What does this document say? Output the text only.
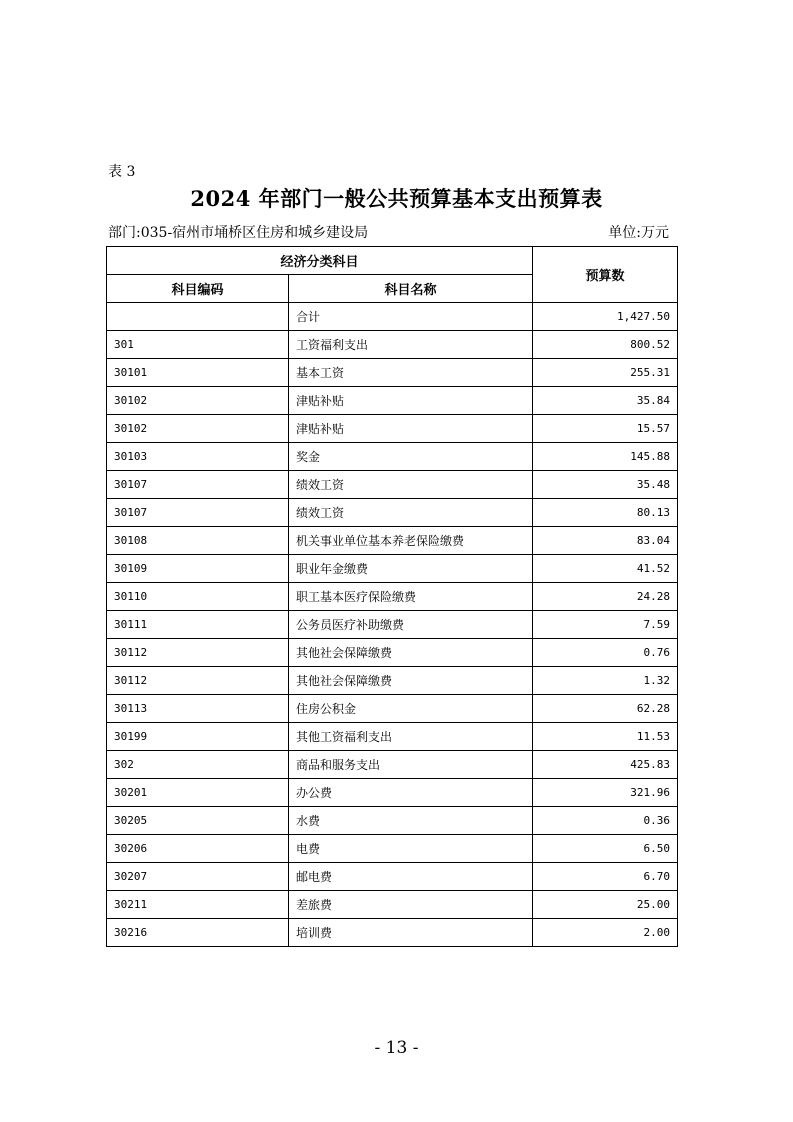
表 3
2024 年部门一般公共预算基本支出预算表
部门:035-宿州市埇桥区住房和城乡建设局	单位:万元
经济分类科目		预算数
科目编码	科目名称	
	合计	1,427.50
301	工资福利支出	800.52
30101	基本工资	255.31
30102	津贴补贴	35.84
30102	津贴补贴	15.57
30103	奖金	145.88
30107	绩效工资	35.48
30107	绩效工资	80.13
30108	机关事业单位基本养老保险缴费	83.04
30109	职业年金缴费	41.52
30110	职工基本医疗保险缴费	24.28
30111	公务员医疗补助缴费	7.59
30112	其他社会保障缴费	0.76
30112	其他社会保障缴费	1.32
30113	住房公积金	62.28
30199	其他工资福利支出	11.53
302	商品和服务支出	425.83
30201	办公费	321.96
30205	水费	0.36
30206	电费	6.50
30207	邮电费	6.70
30211	差旅费	25.00
30216	培训费	2.00
- 13 -
